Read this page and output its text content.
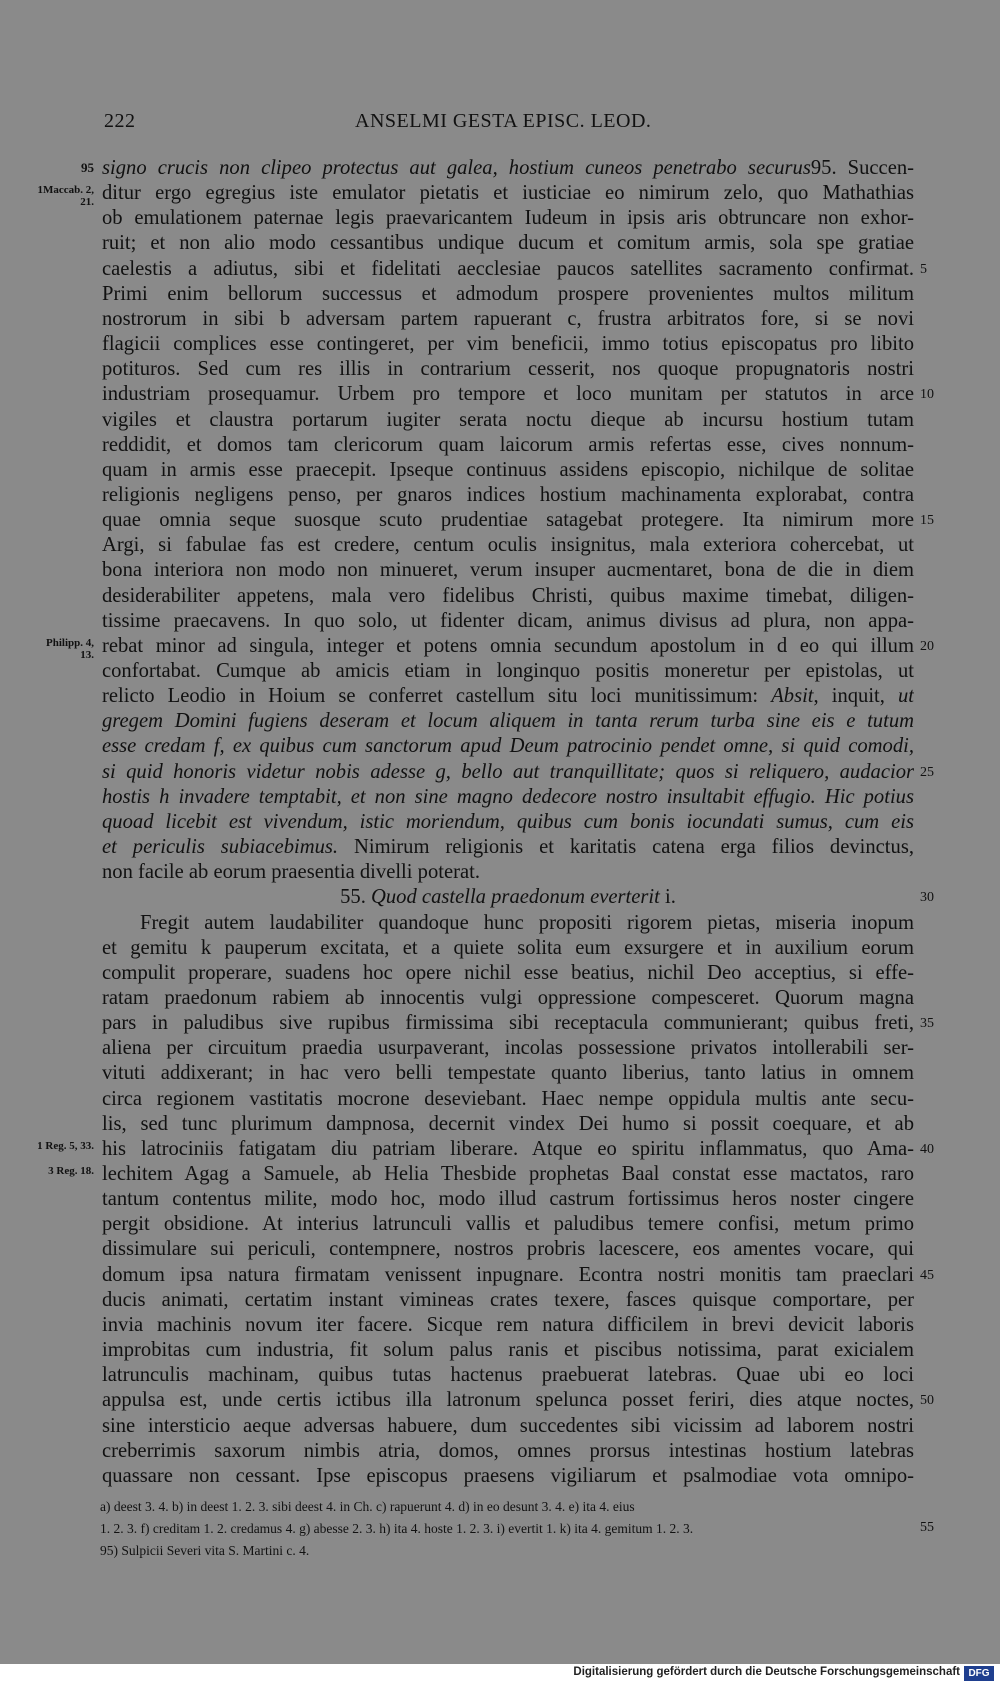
222	ANSELMI GESTA EPISC. LEOD.
signo crucis non clipeo protectus aut galea, hostium cuneos penetrabo securus95. Succen-
ditur ergo egregius iste emulator pietatis et iusticiae eo nimirum zelo, quo Mathathias
ob emulationem paternae legis praevaricantem Iudeum in ipsis aris obtruncare non exhor-
ruit; et non alio modo cessantibus undique ducum et comitum armis, sola spe gratiae
caelestis a adiutus, sibi et fidelitati aecclesiae paucos satellites sacramento confirmat.
Primi enim bellorum successus et admodum prospere provenientes multos militum
nostrorum in sibi b adversam partem rapuerant c, frustra arbitratos fore, si se novi
flagicii complices esse contingeret, per vim beneficii, immo totius episcopatus pro libito
potituros. Sed cum res illis in contrarium cesserit, nos quoque propugnatoris nostri
industriam prosequamur. Urbem pro tempore et loco munitam per statutos in arce
vigiles et claustra portarum iugiter serata noctu dieque ab incursu hostium tutam
reddidit, et domos tam clericorum quam laicorum armis refertas esse, cives nonnum-
quam in armis esse praecepit. Ipseque continuus assidens episcopio, nichilque de solitae
religionis negligens penso, per gnaros indices hostium machinamenta explorabat, contra
quae omnia seque suosque scuto prudentiae satagebat protegere. Ita nimirum more
Argi, si fabulae fas est credere, centum oculis insignitus, mala exteriora cohercebat, ut
bona interiora non modo non minueret, verum insuper aucmentaret, bona de die in diem
desiderabiliter appetens, mala vero fidelibus Christi, quibus maxime timebat, diligen-
tissime praecavens. In quo solo, ut fidenter dicam, animus divisus ad plura, non appa-
rebat minor ad singula, integer et potens omnia secundum apostolum in d eo qui illum
confortabat. Cumque ab amicis etiam in longinquo positis moneretur per epistolas, ut
relicto Leodio in Hoium se conferret castellum situ loci munitissimum: Absit, inquit, ut
gregem Domini fugiens deseram et locum aliquem in tanta rerum turba sine eis e tutum
esse credam f, ex quibus cum sanctorum apud Deum patrocinio pendet omne, si quid comodi,
si quid honoris videtur nobis adesse g, bello aut tranquillitate; quos si reliquero, audacior
hostis h invadere temptabit, et non sine magno dedecore nostro insultabit effugio. Hic potius
quoad licebit est vivendum, istic moriendum, quibus cum bonis iocundati sumus, cum eis
et periculis subiacebimus. Nimirum religionis et karitatis catena erga filios devinctus,
non facile ab eorum praesentia divelli poterat.
55. Quod castella praedonum everterit i.
Fregit autem laudabiliter quandoque hunc propositi rigorem pietas, miseria inopum
et gemitu k pauperum excitata, et a quiete solita eum exsurgere et in auxilium eorum
compulit properare, suadens hoc opere nichil esse beatius, nichil Deo acceptius, si effe-
ratam praedonum rabiem ab innocentis vulgi oppressione compesceret. Quorum magna
pars in paludibus sive rupibus firmissima sibi receptacula communierant; quibus freti,
aliena per circuitum praedia usurpaverant, incolas possessione privatos intollerabili ser-
vituti addixerant; in hac vero belli tempestate quanto liberius, tanto latius in omnem
circa regionem vastitatis mocrone deseviebant. Haec nempe oppidula multis ante secu-
lis, sed tunc plurimum dampnosa, decernit vindex Dei humo si possit coequare, et ab
his latrociniis fatigatam diu patriam liberare. Atque eo spiritu inflammatus, quo Ama-
lechitem Agag a Samuele, ab Helia Thesbide prophetas Baal constat esse mactatos, raro
tantum contentus milite, modo hoc, modo illud castrum fortissimus heros noster cingere
pergit obsidione. At interius latrunculi vallis et paludibus temere confisi, metum primo
dissimulare sui periculi, contempnere, nostros probris lacescere, eos amentes vocare, qui
domum ipsa natura firmatam venissent inpugnare. Econtra nostri monitis tam praeclari
ducis animati, certatim instant vimineas crates texere, fasces quisque comportare, per
invia machinis novum iter facere. Sicque rem natura difficilem in brevi devicit laboris
improbitas cum industria, fit solum palus ranis et piscibus notissima, parat exicialem
latrunculis machinam, quibus tutas hactenus praebuerat latebras. Quae ubi eo loci
appulsa est, unde certis ictibus illa latronum spelunca posset feriri, dies atque noctes,
sine intersticio aeque adversas habuere, dum succedentes sibi vicissim ad laborem nostri
creberrimis saxorum nimbis atria, domos, omnes prorsus intestinas hostium latebras
quassare non cessant. Ipse episcopus praesens vigiliarum et psalmodiae vota omnipo-
95
5
10
15
20
25
30
35
40
45
50
1Maccab. 2, 21.
Philipp. 4, 13.
1 Reg. 5, 33.
3 Reg. 18.
a) deest 3. 4. b) in deest 1. 2. 3. sibi deest 4. in Ch. c) rapuerunt 4. d) in eo desunt 3. 4. e) ita 4. eius
1. 2. 3. f) creditam 1. 2. credamus 4. g) abesse 2. 3. h) ita 4. hoste 1. 2. 3. i) evertit 1. k) ita 4. gemitum 1. 2. 3.
95) Sulpicii Severi vita S. Martini c. 4.
55
Digitalisierung gefördert durch die Deutsche Forschungsgemeinschaft DFG
